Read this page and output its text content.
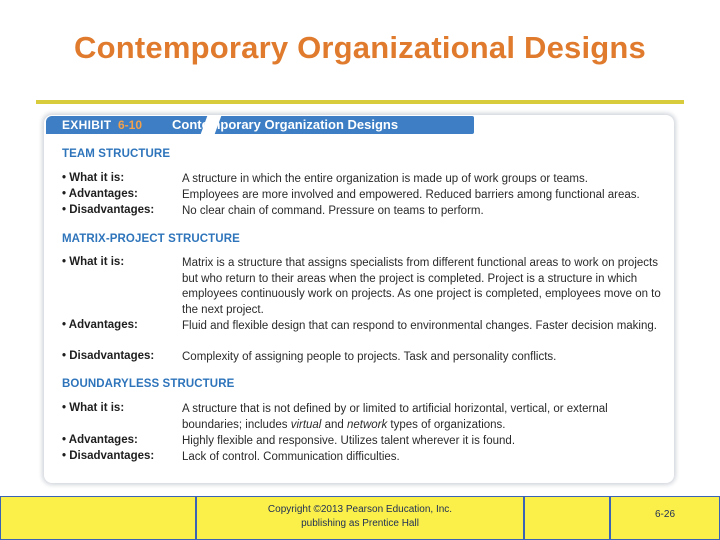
Contemporary Organizational Designs
EXHIBIT 6-10 Contemporary Organization Designs
TEAM STRUCTURE
• What it is:	A structure in which the entire organization is made up of work groups or teams.
• Advantages:	Employees are more involved and empowered. Reduced barriers among functional areas.
• Disadvantages: No clear chain of command. Pressure on teams to perform.
MATRIX-PROJECT STRUCTURE
• What it is:	Matrix is a structure that assigns specialists from different functional areas to work on projects but who return to their areas when the project is completed. Project is a structure in which employees continuously work on projects. As one project is completed, employees move on to the next project.
• Advantages:	Fluid and flexible design that can respond to environmental changes. Faster decision making.
• Disadvantages: Complexity of assigning people to projects. Task and personality conflicts.
BOUNDARYLESS STRUCTURE
• What it is:	A structure that is not defined by or limited to artificial horizontal, vertical, or external boundaries; includes virtual and network types of organizations.
• Advantages:	Highly flexible and responsive. Utilizes talent wherever it is found.
• Disadvantages: Lack of control. Communication difficulties.
Copyright ©2013 Pearson Education, Inc.
publishing as Prentice Hall
6-26
